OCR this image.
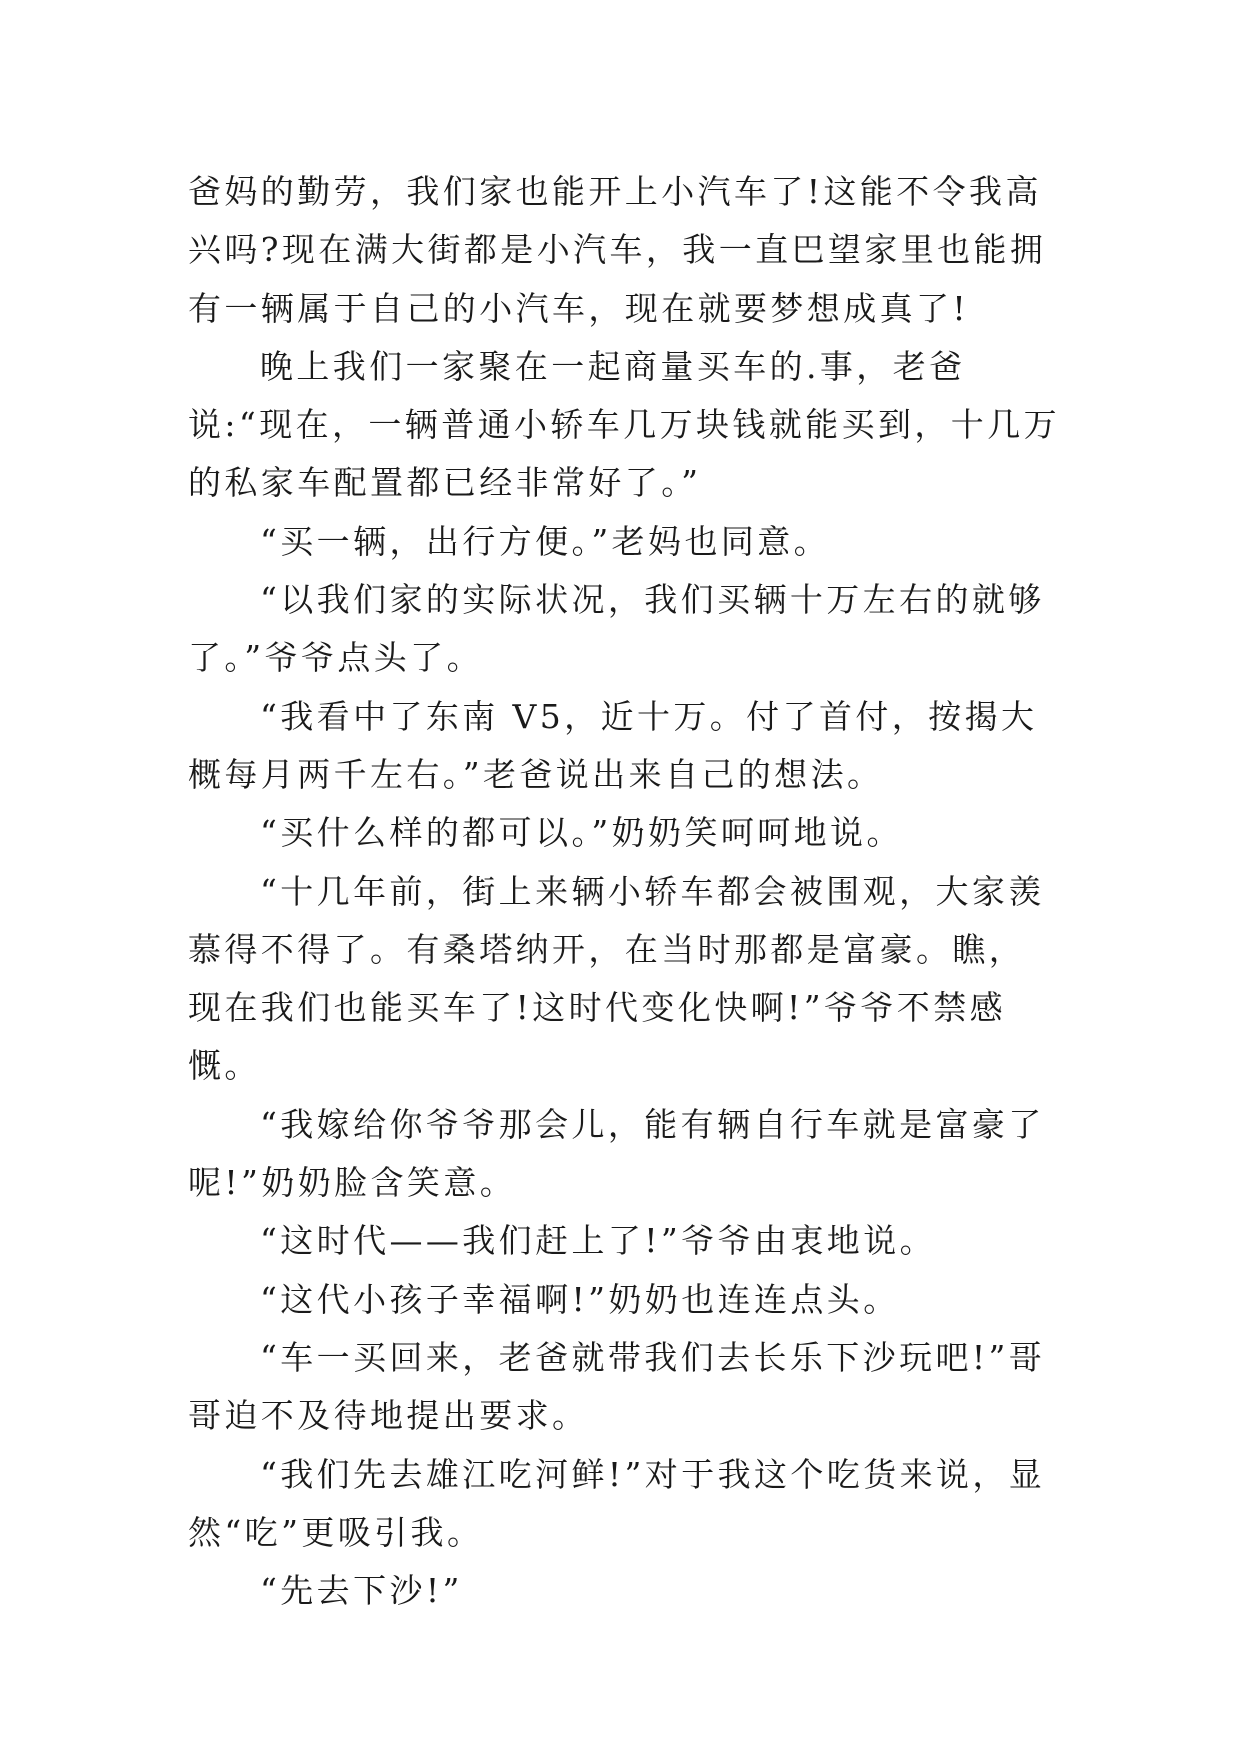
爸妈的勤劳，我们家也能开上小汽车了!这能不令我高兴吗?现在满大街都是小汽车，我一直巴望家里也能拥有一辆属于自己的小汽车，现在就要梦想成真了!

晚上我们一家聚在一起商量买车的.事，老爸说:“现在，一辆普通小轿车几万块钱就能买到，十几万的私家车配置都已经非常好了。”

“买一辆，出行方便。”老妈也同意。

“以我们家的实际状况，我们买辆十万左右的就够了。”爷爷点头了。

“我看中了东南 V5，近十万。付了首付，按揭大概每月两千左右。”老爸说出来自己的想法。

“买什么样的都可以。”奶奶笑呵呵地说。

“十几年前，街上来辆小轿车都会被围观，大家羡慕得不得了。有桑塔纳开，在当时那都是富豪。瞧，现在我们也能买车了!这时代变化快啊!”爷爷不禁感慨。

“我嫁给你爷爷那会儿，能有辆自行车就是富豪了呢!”奶奶脸含笑意。

“这时代——我们赶上了!”爷爷由衷地说。

“这代小孩子幸福啊!”奶奶也连连点头。

“车一买回来，老爸就带我们去长乐下沙玩吧!”哥哥迫不及待地提出要求。

“我们先去雄江吃河鲜!”对于我这个吃货来说，显然“吃”更吸引我。

“先去下沙!”
